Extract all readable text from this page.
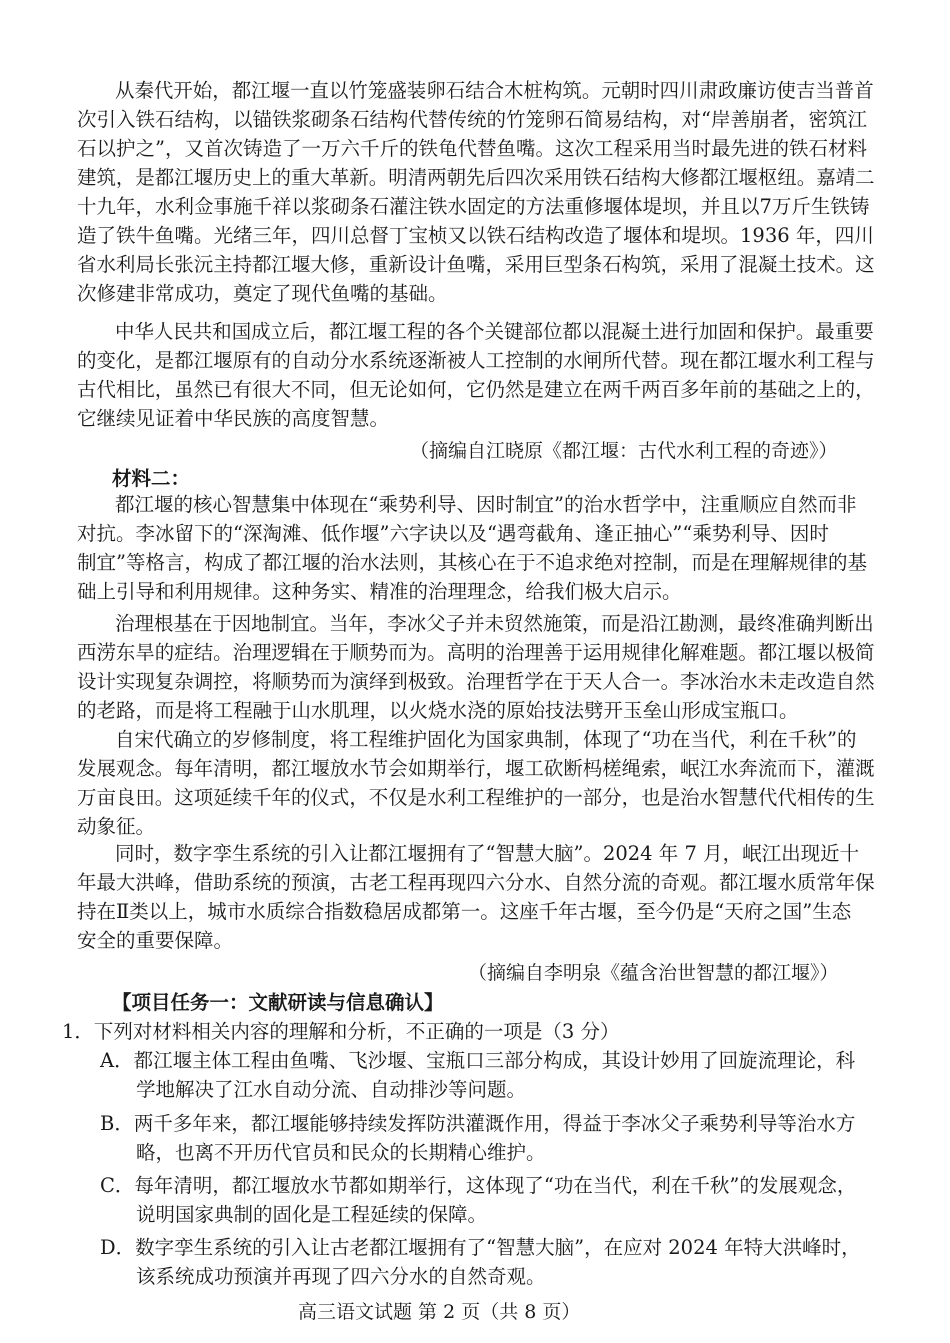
从秦代开始，都江堰一直以竹笼盛装卵石结合木桩构筑。元朝时四川肃政廉访使吉当普首
次引入铁石结构，以锚铁浆砌条石结构代替传统的竹笼卵石简易结构，对“岸善崩者，密筑江
石以护之”，又首次铸造了一万六千斤的铁龟代替鱼嘴。这次工程采用当时最先进的铁石材料
建筑，是都江堰历史上的重大革新。明清两朝先后四次采用铁石结构大修都江堰枢纽。嘉靖二
十九年，水利佥事施千祥以浆砌条石灌注铁水固定的方法重修堰体堤坝，并且以7万斤生铁铸
造了铁牛鱼嘴。光绪三年，四川总督丁宝桢又以铁石结构改造了堰体和堤坝。1936 年，四川
省水利局长张沅主持都江堰大修，重新设计鱼嘴，采用巨型条石构筑，采用了混凝土技术。这
次修建非常成功，奠定了现代鱼嘴的基础。
中华人民共和国成立后，都江堰工程的各个关键部位都以混凝土进行加固和保护。最重要
的变化，是都江堰原有的自动分水系统逐渐被人工控制的水闸所代替。现在都江堰水利工程与
古代相比，虽然已有很大不同，但无论如何，它仍然是建立在两千两百多年前的基础之上的，
它继续见证着中华民族的高度智慧。
（摘编自江晓原《都江堰：古代水利工程的奇迹》）
材料二：
都江堰的核心智慧集中体现在“乘势利导、因时制宜”的治水哲学中，注重顺应自然而非
对抗。李冰留下的“深淘滩、低作堰”六字诀以及“遇弯截角、逢正抽心”“乘势利导、因时
制宜”等格言，构成了都江堰的治水法则，其核心在于不追求绝对控制，而是在理解规律的基
础上引导和利用规律。这种务实、精准的治理理念，给我们极大启示。
治理根基在于因地制宜。当年，李冰父子并未贸然施策，而是沿江勘测，最终准确判断出
西涝东旱的症结。治理逻辑在于顺势而为。高明的治理善于运用规律化解难题。都江堰以极简
设计实现复杂调控，将顺势而为演绎到极致。治理哲学在于天人合一。李冰治水未走改造自然
的老路，而是将工程融于山水肌理，以火烧水浇的原始技法劈开玉垒山形成宝瓶口。
自宋代确立的岁修制度，将工程维护固化为国家典制，体现了“功在当代，利在千秋”的
发展观念。每年清明，都江堰放水节会如期举行，堰工砍断杩槎绳索，岷江水奔流而下，灌溉
万亩良田。这项延续千年的仪式，不仅是水利工程维护的一部分，也是治水智慧代代相传的生
动象征。
同时，数字孪生系统的引入让都江堰拥有了“智慧大脑”。2024 年 7 月，岷江出现近十
年最大洪峰，借助系统的预演，古老工程再现四六分水、自然分流的奇观。都江堰水质常年保
持在Ⅱ类以上，城市水质综合指数稳居成都第一。这座千年古堰，至今仍是“天府之国”生态
安全的重要保障。
（摘编自李明泉《蕴含治世智慧的都江堰》）
【项目任务一：文献研读与信息确认】
1．下列对材料相关内容的理解和分析，不正确的一项是（3 分）
A．都江堰主体工程由鱼嘴、飞沙堰、宝瓶口三部分构成，其设计妙用了回旋流理论，科
学地解决了江水自动分流、自动排沙等问题。
B．两千多年来，都江堰能够持续发挥防洪灌溉作用，得益于李冰父子乘势利导等治水方
略，也离不开历代官员和民众的长期精心维护。
C．每年清明，都江堰放水节都如期举行，这体现了“功在当代，利在千秋”的发展观念，
说明国家典制的固化是工程延续的保障。
D．数字孪生系统的引入让古老都江堰拥有了“智慧大脑”，在应对 2024 年特大洪峰时，
该系统成功预演并再现了四六分水的自然奇观。
高三语文试题 第 2 页（共 8 页）
